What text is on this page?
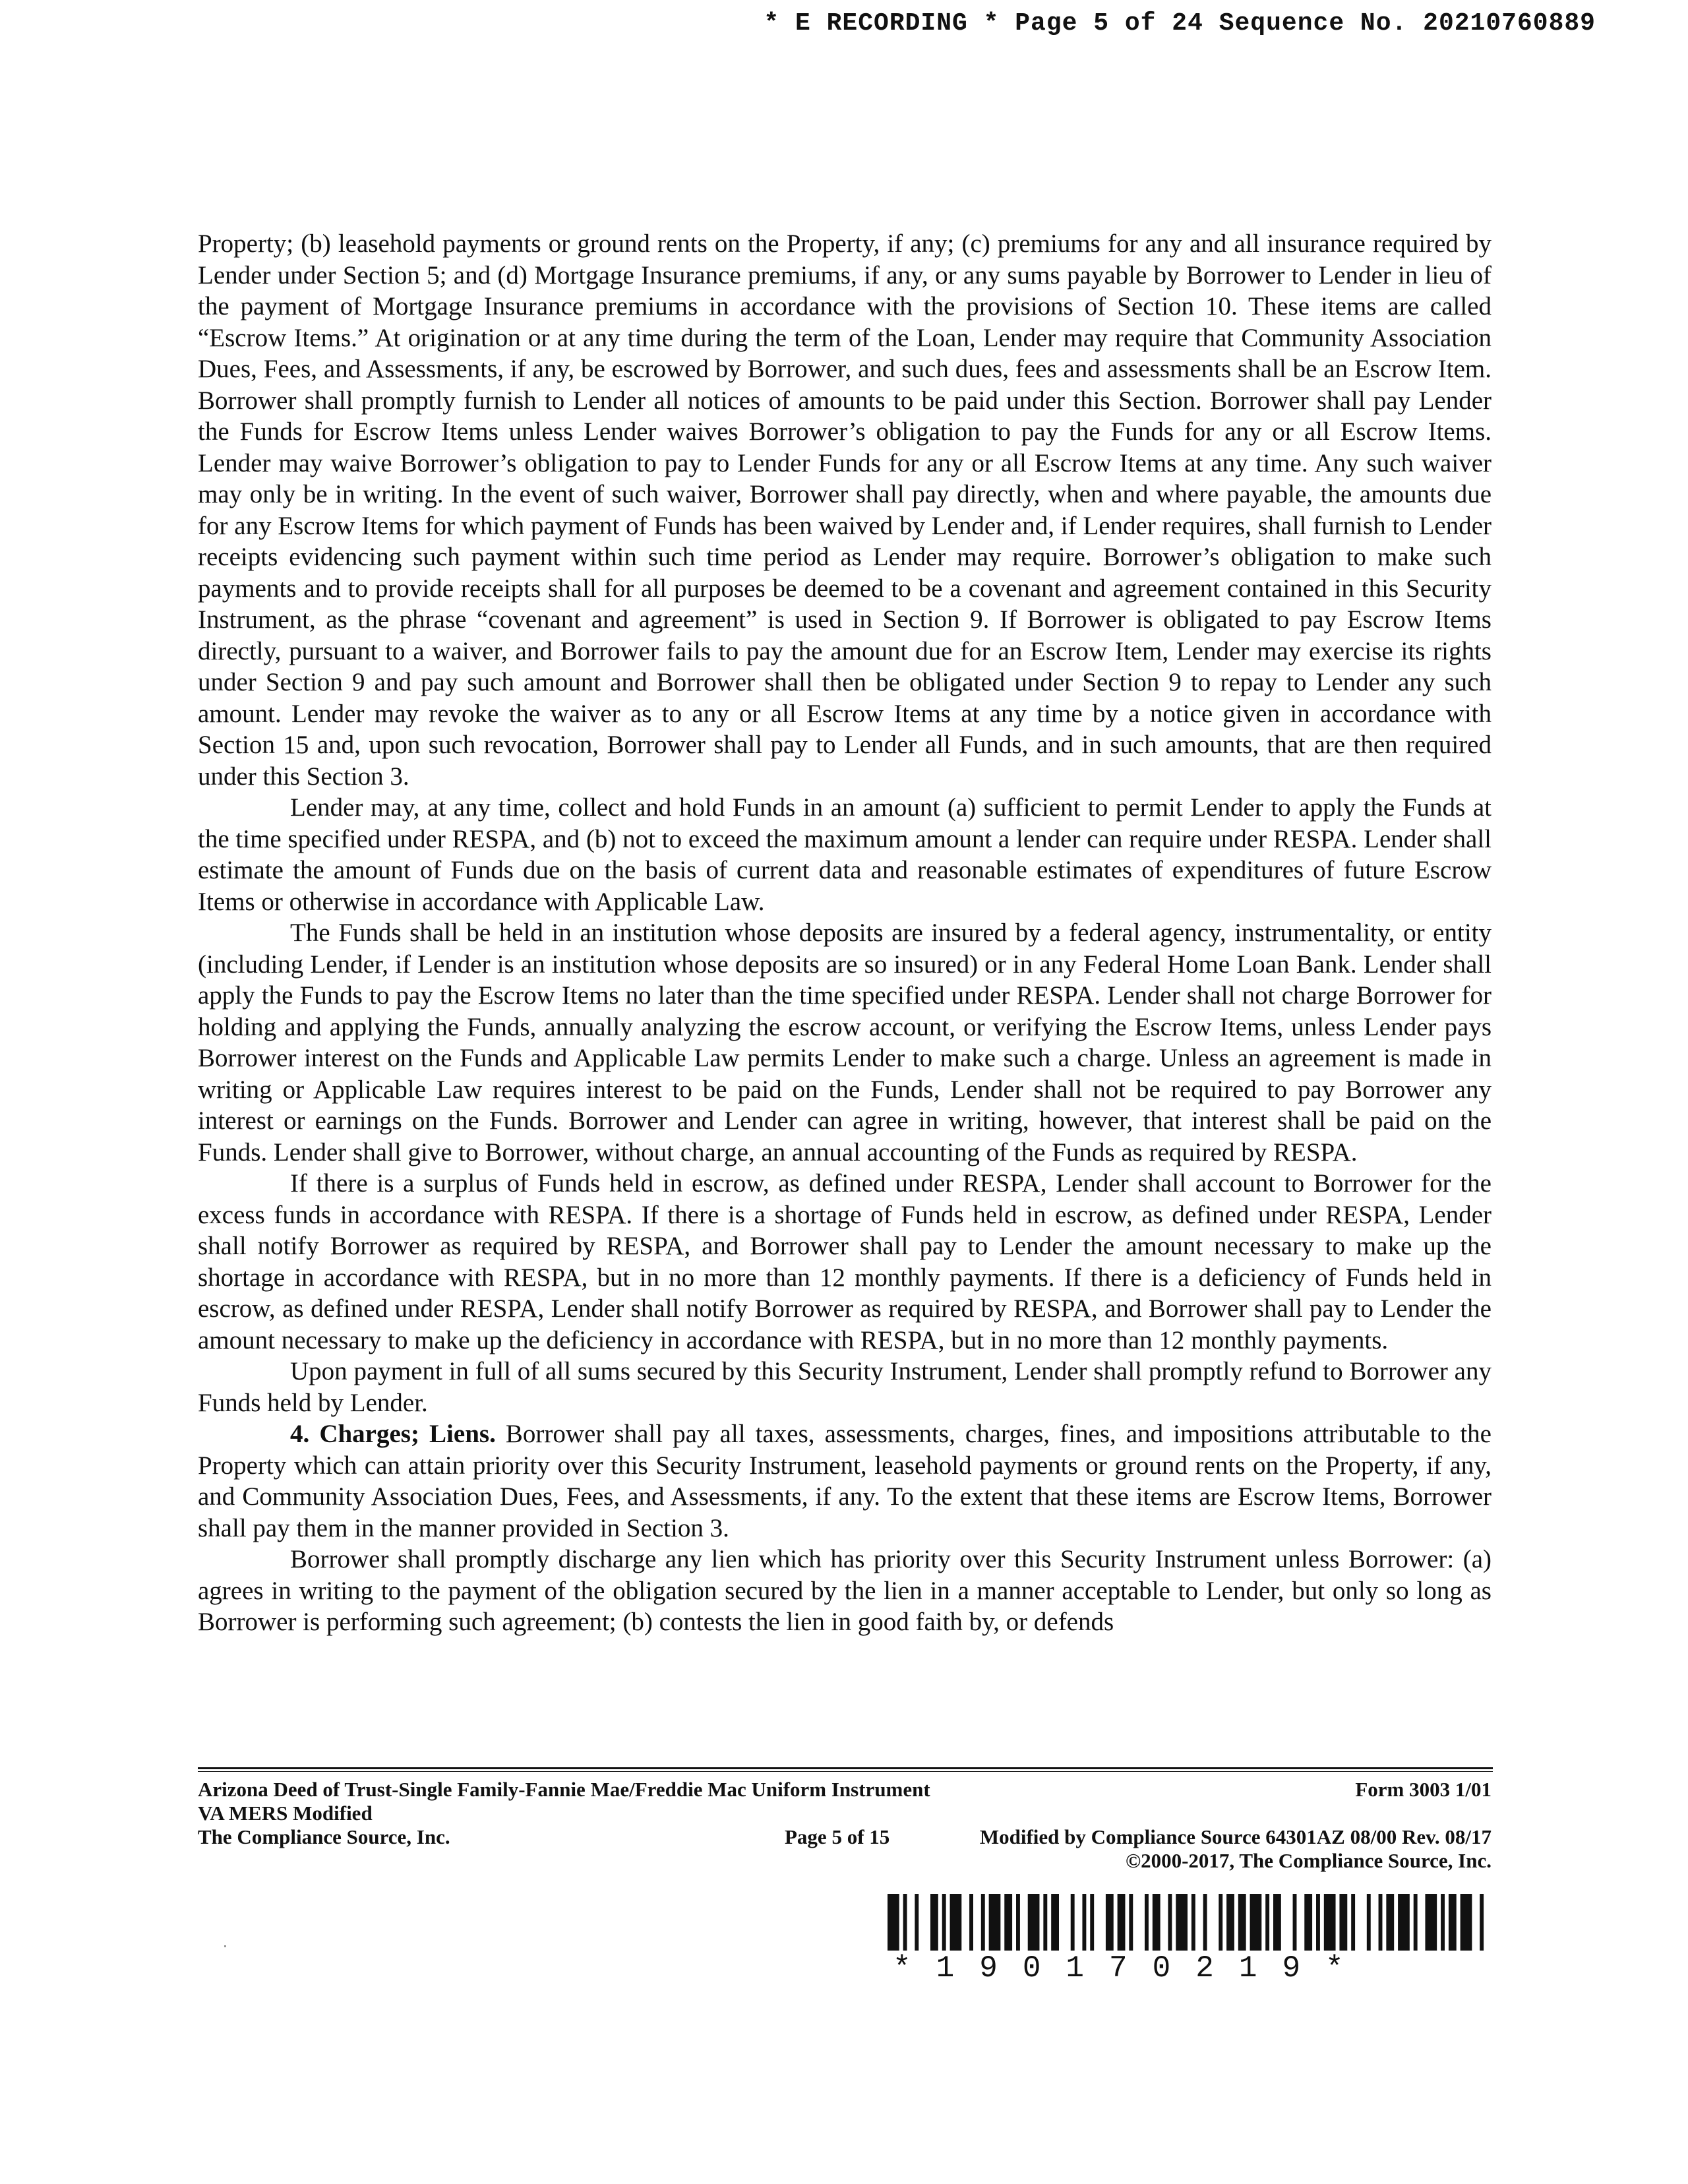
* E RECORDING * Page 5 of 24 Sequence No. 20210760889

Property; (b) leasehold payments or ground rents on the Property, if any; (c) premiums for any and all insurance required by Lender under Section 5; and (d) Mortgage Insurance premiums, if any, or any sums payable by Borrower to Lender in lieu of the payment of Mortgage Insurance premiums in accordance with the provisions of Section 10. These items are called “Escrow Items.” At origination or at any time during the term of the Loan, Lender may require that Community Association Dues, Fees, and Assessments, if any, be escrowed by Borrower, and such dues, fees and assessments shall be an Escrow Item. Borrower shall promptly furnish to Lender all notices of amounts to be paid under this Section. Borrower shall pay Lender the Funds for Escrow Items unless Lender waives Borrower’s obligation to pay the Funds for any or all Escrow Items. Lender may waive Borrower’s obligation to pay to Lender Funds for any or all Escrow Items at any time. Any such waiver may only be in writing. In the event of such waiver, Borrower shall pay directly, when and where payable, the amounts due for any Escrow Items for which payment of Funds has been waived by Lender and, if Lender requires, shall furnish to Lender receipts evidencing such payment within such time period as Lender may require. Borrower’s obligation to make such payments and to provide receipts shall for all purposes be deemed to be a covenant and agreement contained in this Security Instrument, as the phrase “covenant and agreement” is used in Section 9. If Borrower is obligated to pay Escrow Items directly, pursuant to a waiver, and Borrower fails to pay the amount due for an Escrow Item, Lender may exercise its rights under Section 9 and pay such amount and Borrower shall then be obligated under Section 9 to repay to Lender any such amount. Lender may revoke the waiver as to any or all Escrow Items at any time by a notice given in accordance with Section 15 and, upon such revocation, Borrower shall pay to Lender all Funds, and in such amounts, that are then required under this Section 3.

Lender may, at any time, collect and hold Funds in an amount (a) sufficient to permit Lender to apply the Funds at the time specified under RESPA, and (b) not to exceed the maximum amount a lender can require under RESPA. Lender shall estimate the amount of Funds due on the basis of current data and reasonable estimates of expenditures of future Escrow Items or otherwise in accordance with Applicable Law.

The Funds shall be held in an institution whose deposits are insured by a federal agency, instrumentality, or entity (including Lender, if Lender is an institution whose deposits are so insured) or in any Federal Home Loan Bank. Lender shall apply the Funds to pay the Escrow Items no later than the time specified under RESPA. Lender shall not charge Borrower for holding and applying the Funds, annually analyzing the escrow account, or verifying the Escrow Items, unless Lender pays Borrower interest on the Funds and Applicable Law permits Lender to make such a charge. Unless an agreement is made in writing or Applicable Law requires interest to be paid on the Funds, Lender shall not be required to pay Borrower any interest or earnings on the Funds. Borrower and Lender can agree in writing, however, that interest shall be paid on the Funds. Lender shall give to Borrower, without charge, an annual accounting of the Funds as required by RESPA.

If there is a surplus of Funds held in escrow, as defined under RESPA, Lender shall account to Borrower for the excess funds in accordance with RESPA. If there is a shortage of Funds held in escrow, as defined under RESPA, Lender shall notify Borrower as required by RESPA, and Borrower shall pay to Lender the amount necessary to make up the shortage in accordance with RESPA, but in no more than 12 monthly payments. If there is a deficiency of Funds held in escrow, as defined under RESPA, Lender shall notify Borrower as required by RESPA, and Borrower shall pay to Lender the amount necessary to make up the deficiency in accordance with RESPA, but in no more than 12 monthly payments.

Upon payment in full of all sums secured by this Security Instrument, Lender shall promptly refund to Borrower any Funds held by Lender.

4. Charges; Liens. Borrower shall pay all taxes, assessments, charges, fines, and impositions attributable to the Property which can attain priority over this Security Instrument, leasehold payments or ground rents on the Property, if any, and Community Association Dues, Fees, and Assessments, if any. To the extent that these items are Escrow Items, Borrower shall pay them in the manner provided in Section 3.

Borrower shall promptly discharge any lien which has priority over this Security Instrument unless Borrower: (a) agrees in writing to the payment of the obligation secured by the lien in a manner acceptable to Lender, but only so long as Borrower is performing such agreement; (b) contests the lien in good faith by, or defends

Arizona Deed of Trust-Single Family-Fannie Mae/Freddie Mac Uniform Instrument	Form 3003 1/01
VA MERS Modified
The Compliance Source, Inc.	Page 5 of 15	Modified by Compliance Source 64301AZ 08/00 Rev. 08/17
©2000-2017, The Compliance Source, Inc.
*190170219*
